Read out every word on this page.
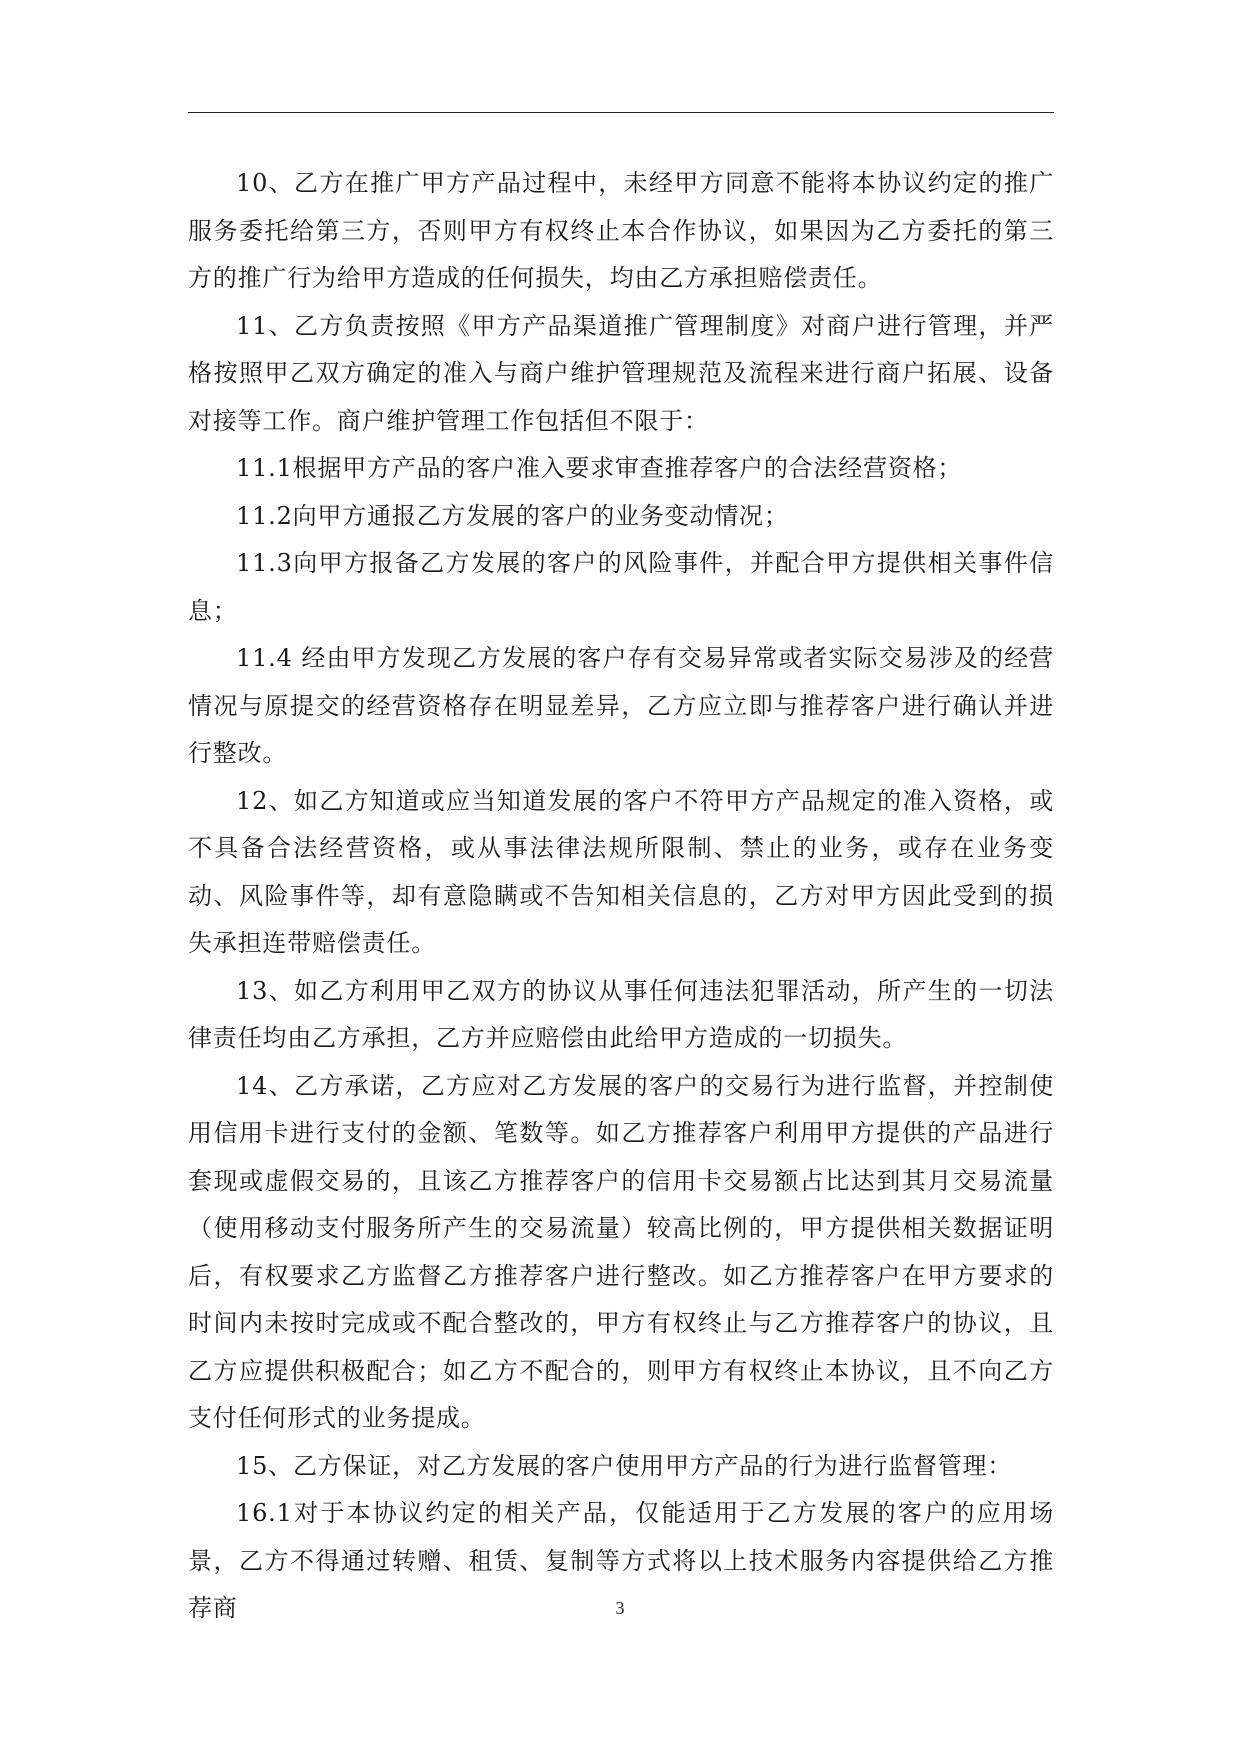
10、乙方在推广甲方产品过程中，未经甲方同意不能将本协议约定的推广服务委托给第三方，否则甲方有权终止本合作协议，如果因为乙方委托的第三方的推广行为给甲方造成的任何损失，均由乙方承担赔偿责任。

11、乙方负责按照《甲方产品渠道推广管理制度》对商户进行管理，并严格按照甲乙双方确定的准入与商户维护管理规范及流程来进行商户拓展、设备对接等工作。商户维护管理工作包括但不限于：

11.1根据甲方产品的客户准入要求审查推荐客户的合法经营资格；

11.2向甲方通报乙方发展的客户的业务变动情况；

11.3向甲方报备乙方发展的客户的风险事件，并配合甲方提供相关事件信息；

11.4 经由甲方发现乙方发展的客户存有交易异常或者实际交易涉及的经营情况与原提交的经营资格存在明显差异，乙方应立即与推荐客户进行确认并进行整改。

12、如乙方知道或应当知道发展的客户不符甲方产品规定的准入资格，或不具备合法经营资格，或从事法律法规所限制、禁止的业务，或存在业务变动、风险事件等，却有意隐瞒或不告知相关信息的，乙方对甲方因此受到的损失承担连带赔偿责任。

13、如乙方利用甲乙双方的协议从事任何违法犯罪活动，所产生的一切法律责任均由乙方承担，乙方并应赔偿由此给甲方造成的一切损失。

14、乙方承诺，乙方应对乙方发展的客户的交易行为进行监督，并控制使用信用卡进行支付的金额、笔数等。如乙方推荐客户利用甲方提供的产品进行套现或虚假交易的，且该乙方推荐客户的信用卡交易额占比达到其月交易流量（使用移动支付服务所产生的交易流量）较高比例的，甲方提供相关数据证明后，有权要求乙方监督乙方推荐客户进行整改。如乙方推荐客户在甲方要求的时间内未按时完成或不配合整改的，甲方有权终止与乙方推荐客户的协议，且乙方应提供积极配合；如乙方不配合的，则甲方有权终止本协议，且不向乙方支付任何形式的业务提成。

15、乙方保证，对乙方发展的客户使用甲方产品的行为进行监督管理：

16.1对于本协议约定的相关产品，仅能适用于乙方发展的客户的应用场景，乙方不得通过转赠、租赁、复制等方式将以上技术服务内容提供给乙方推荐商	3
